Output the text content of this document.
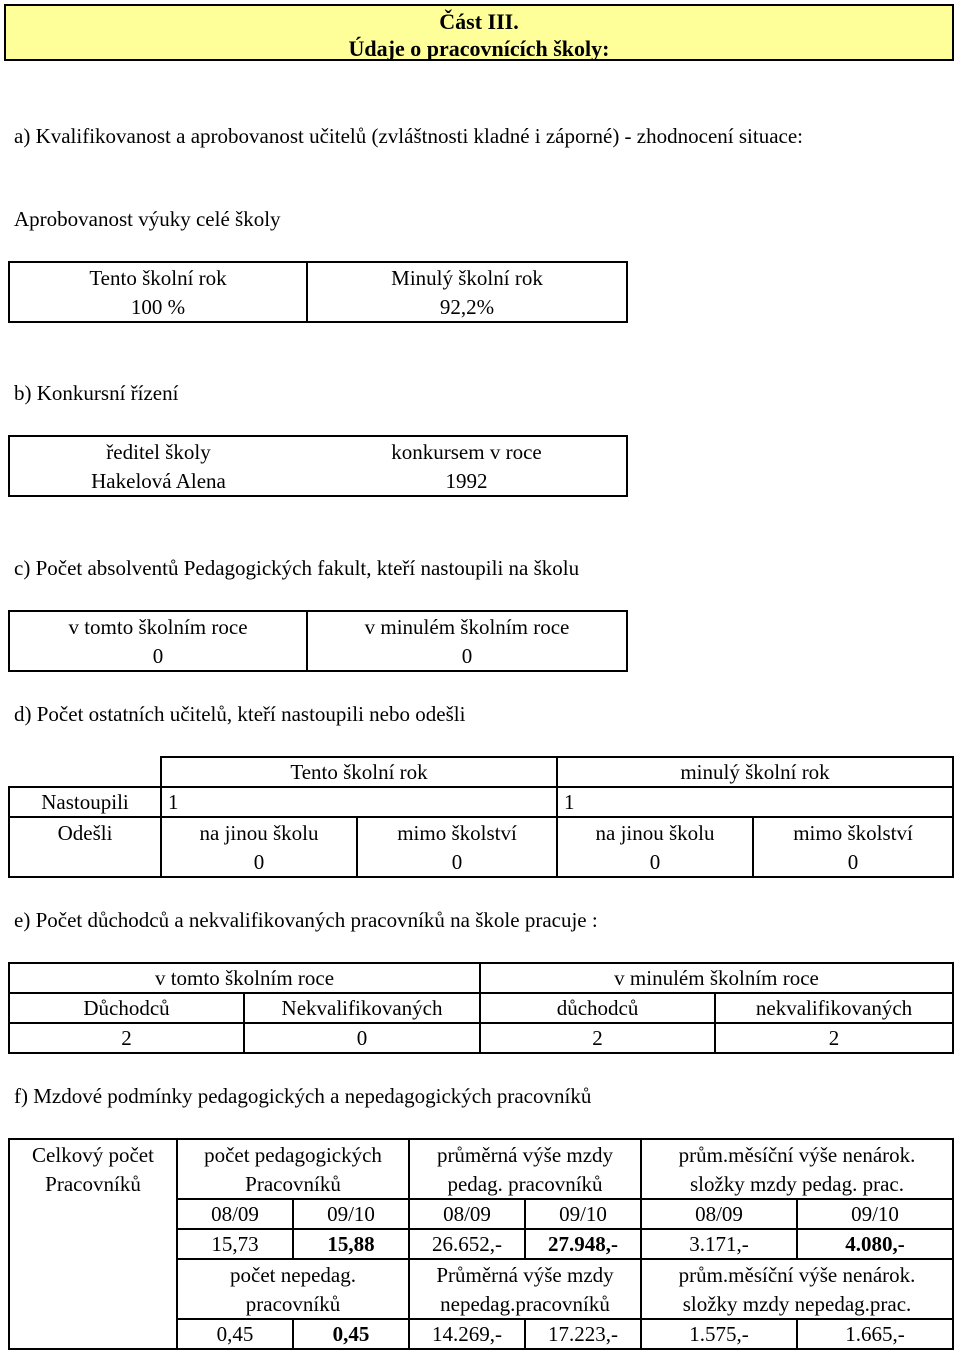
Část III.
Údaje o pracovnících školy:
a) Kvalifikovanost a aprobovanost učitelů (zvláštnosti kladné i záporné) - zhodnocení situace:
Aprobovanost výuky celé školy
Tento školní rok	Minulý školní rok
100 %	92,2%
b) Konkursní řízení
ředitel školy	konkursem v roce
Hakelová Alena	1992
c) Počet absolventů Pedagogických fakult, kteří nastoupili na školu
v tomto školním roce	v minulém školním roce
0	0
d) Počet ostatních učitelů, kteří nastoupili nebo odešli
	Tento školní rok		minulý školní rok	
Nastoupili	1		1	
Odešli	na jinou školu	mimo školství	na jinou školu	mimo školství
	0	0	0	0
e) Počet důchodců a nekvalifikovaných pracovníků na škole pracuje :
v tomto školním roce		v minulém školním roce	
Důchodců	Nekvalifikovaných	důchodců	nekvalifikovaných
2	0	2	2
f) Mzdové podmínky pedagogických a nepedagogických pracovníků
Celkový počet	počet pedagogických		průměrná výše mzdy		prům.měsíční výše nenárok.	
Pracovníků	Pracovníků		pedag. pracovníků		složky mzdy pedag. prac.	
	08/09	09/10	08/09	09/10	08/09	09/10
	15,73	15,88	26.652,-	27.948,-	3.171,-	4.080,-
	počet nepedag.		Průměrná výše mzdy		prům.měsíční výše nenárok.	
	pracovníků		nepedag.pracovníků		složky mzdy nepedag.prac.	
	0,45	0,45	14.269,-	17.223,-	1.575,-	1.665,-
